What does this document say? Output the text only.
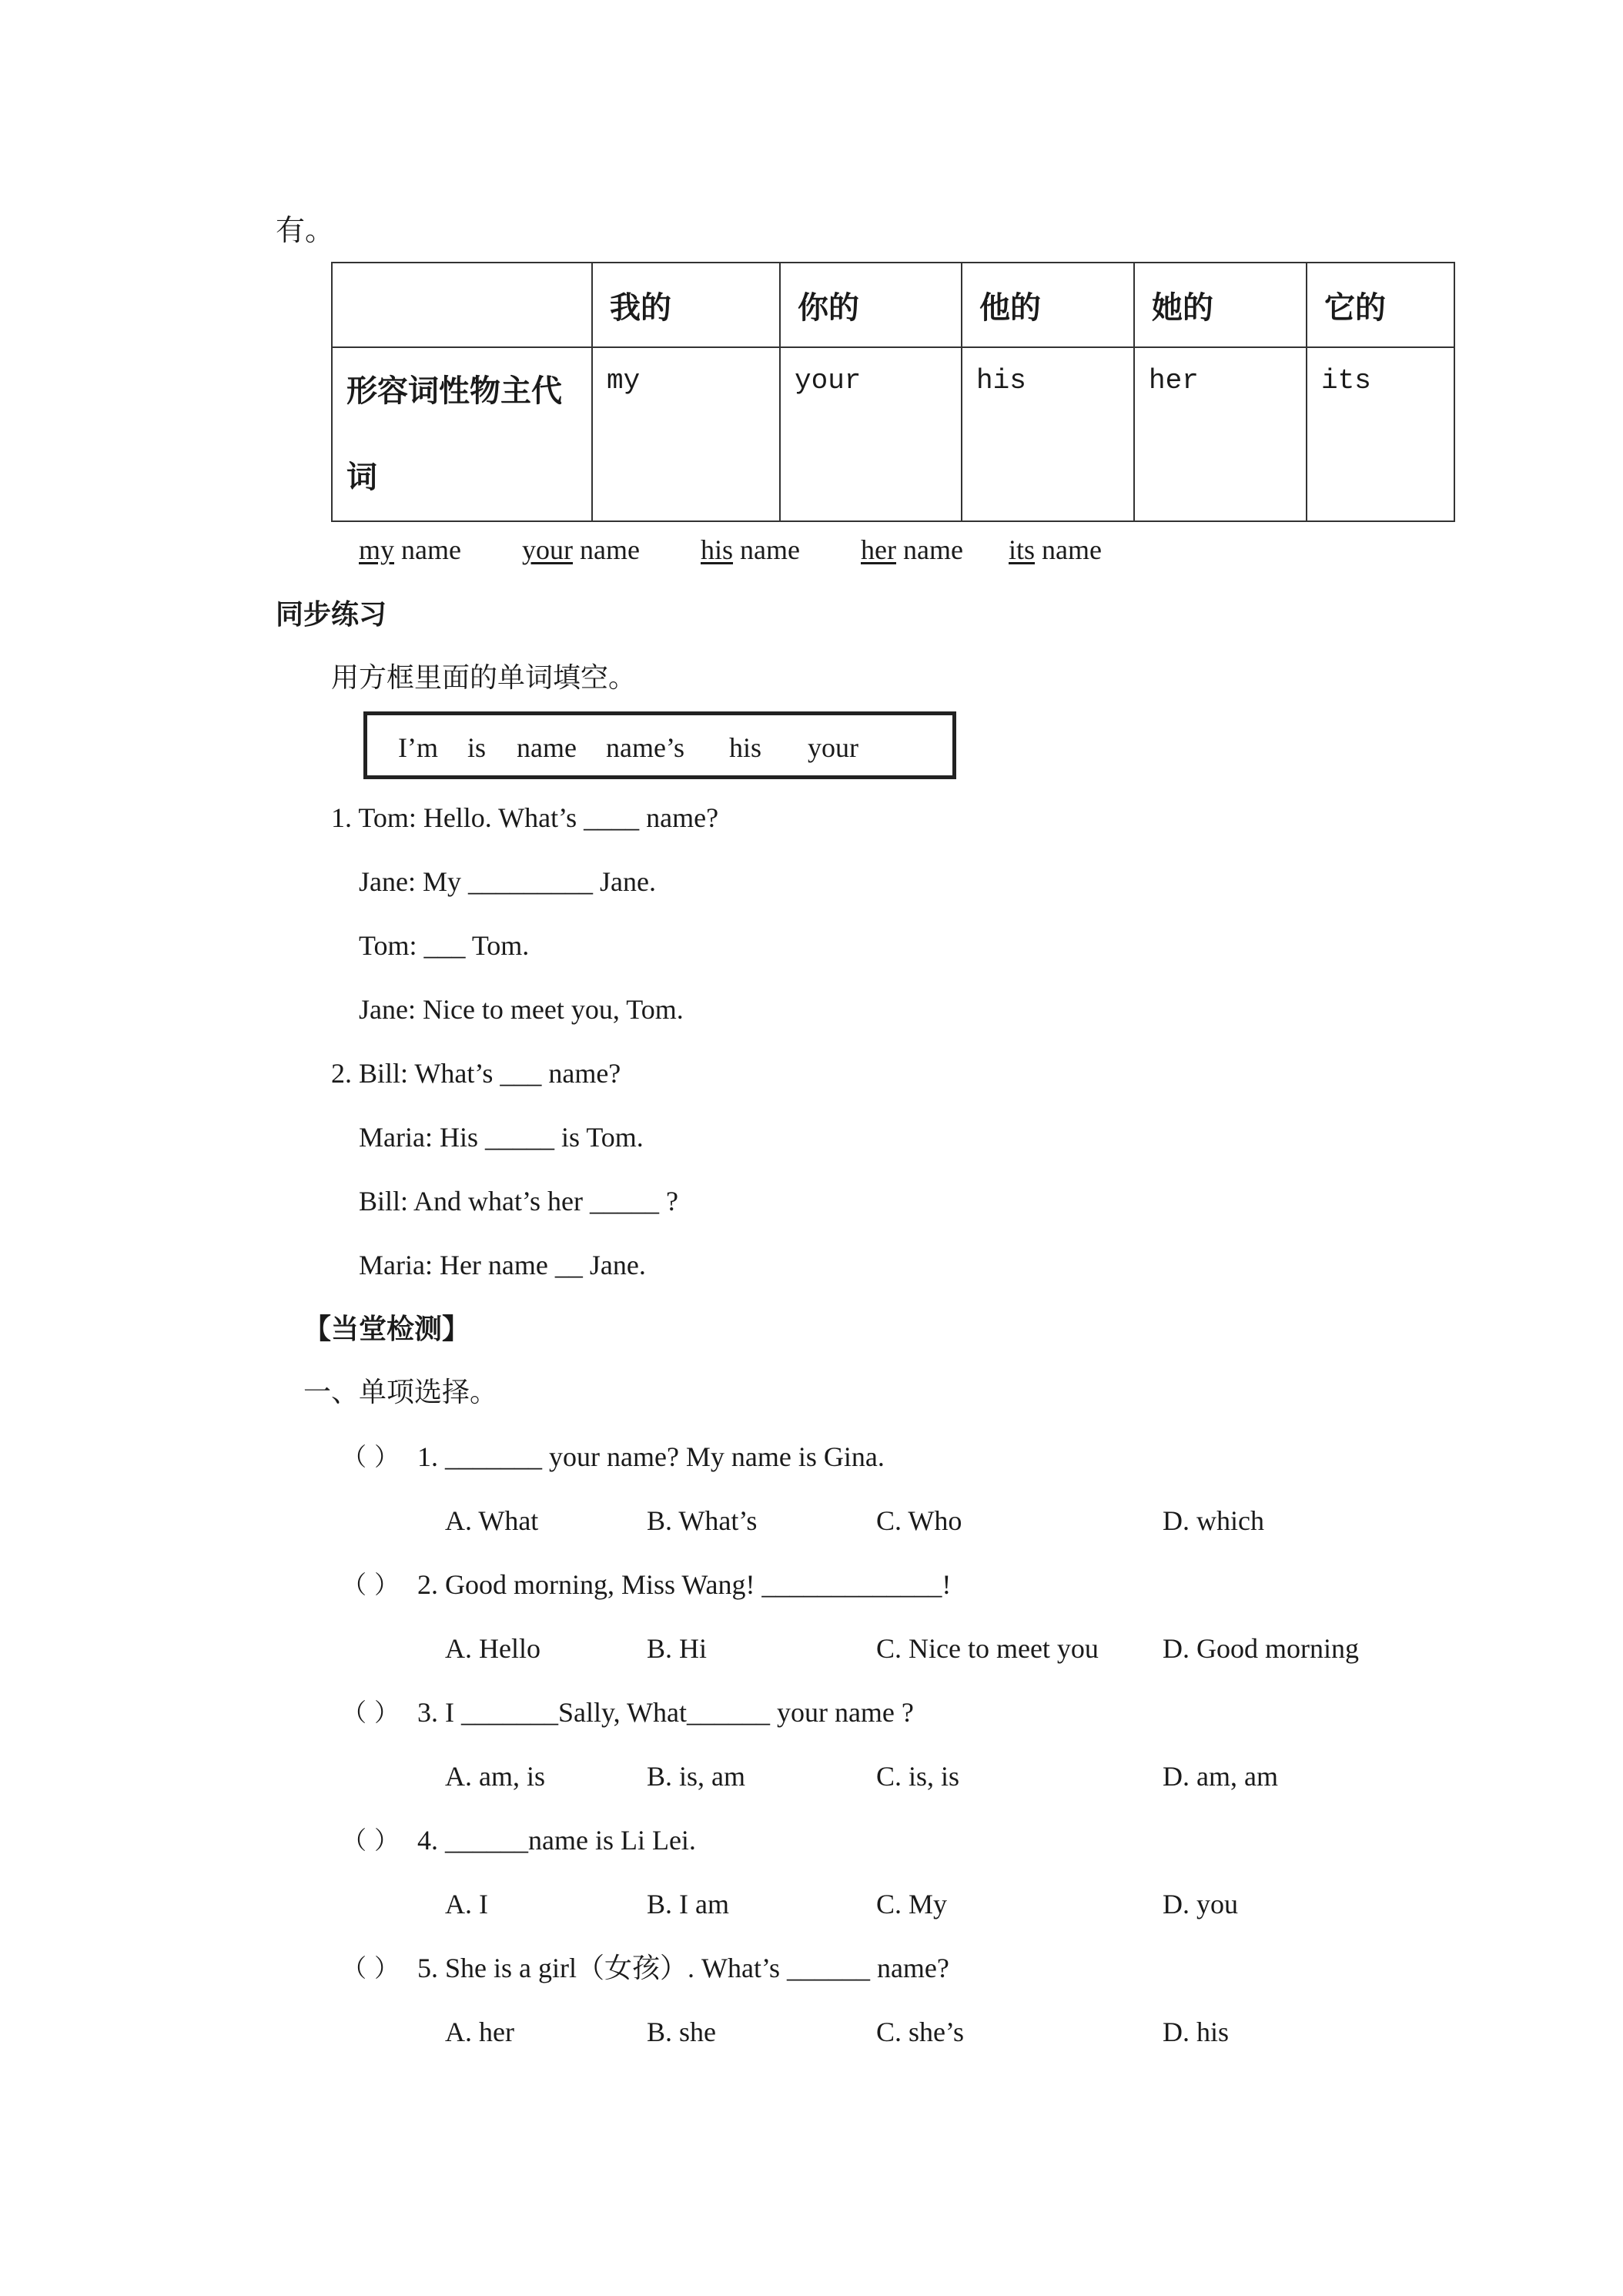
有。

	我的	你的	他的	她的	它的

形容词性物主代词	my	your	his	her	its
my name your name his name her name its name
同步练习
用方框里面的单词填空。
I’m is name name’s his your
1. Tom: Hello. What’s ____ name?
Jane: My _________ Jane.
Tom: ___ Tom.
Jane: Nice to meet you, Tom.
2. Bill: What’s ___ name?
Maria: His _____ is Tom.
Bill: And what’s her _____ ?
Maria: Her name __ Jane.
【当堂检测】
一、单项选择。
（ ） 1. _______ your name? My name is Gina.
A. What	B. What’s	C. Who	D. which
（ ） 2. Good morning, Miss Wang! _____________!
A. Hello	B. Hi	C. Nice to meet you D. Good morning
（ ） 3. I _______Sally, What______ your name ?
A. am, is	B. is, am	C. is, is	D. am, am
（ ） 4. ______name is Li Lei.
A. I	B. I am	C. My	D. you
（ ） 5. She is a girl（女孩）. What’s ______ name?
A. her	B. she	C. she’s	D. his
